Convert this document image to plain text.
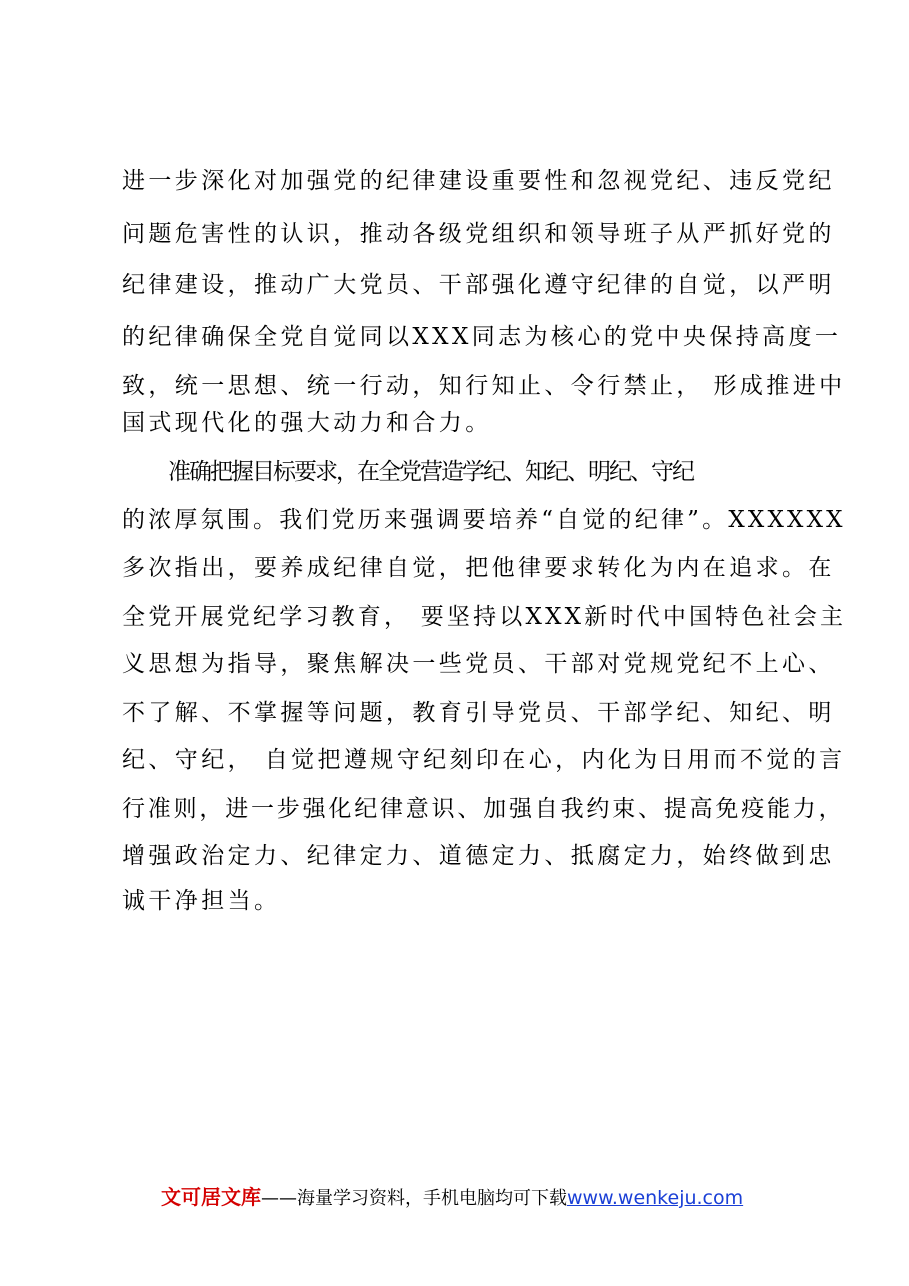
进一步深化对加强党的纪律建设重要性和忽视党纪、违反党纪
问题危害性的认识，推动各级党组织和领导班子从严抓好党的
纪律建设，推动广大党员、干部强化遵守纪律的自觉，以严明
的纪律确保全党自觉同以XXX同志为核心的党中央保持高度一
致，统一思想、统一行动，知行知止、令行禁止， 形成推进中
国式现代化的强大动力和合力。
准确把握目标要求，在全党营造学纪、知纪、明纪、守纪
的浓厚氛围。我们党历来强调要培养“自觉的纪律”。XXXXXX
多次指出，要养成纪律自觉，把他律要求转化为内在追求。在
全党开展党纪学习教育， 要坚持以XXX新时代中国特色社会主
义思想为指导，聚焦解决一些党员、干部对党规党纪不上心、
不了解、不掌握等问题，教育引导党员、干部学纪、知纪、明
纪、守纪， 自觉把遵规守纪刻印在心，内化为日用而不觉的言
行准则，进一步强化纪律意识、加强自我约束、提高免疫能力，
增强政治定力、纪律定力、道德定力、抵腐定力，始终做到忠
诚干净担当。
文可居文库——海量学习资料，手机电脑均可下载www.wenkeju.com
